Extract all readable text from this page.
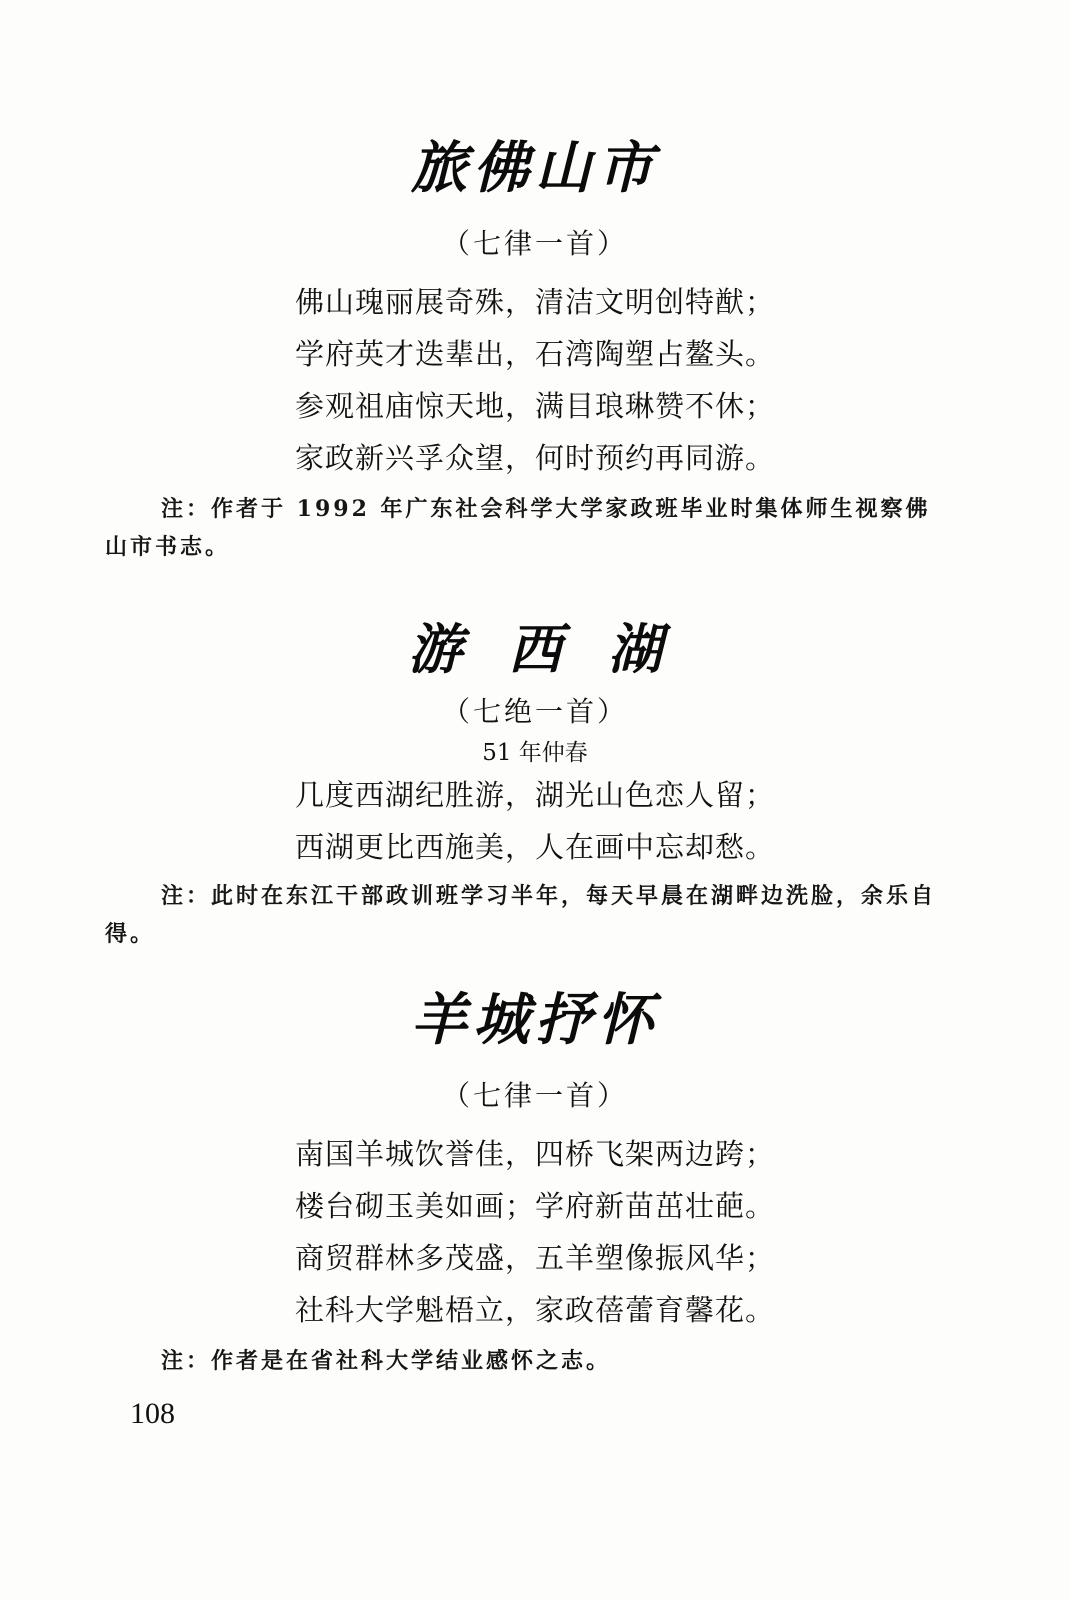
旅佛山市
（七律一首）
佛山瑰丽展奇殊，清洁文明创特猷；
学府英才迭辈出，石湾陶塑占鳌头。
参观祖庙惊天地，满目琅琳赞不休；
家政新兴孚众望，何时预约再同游。
注：作者于 1992 年广东社会科学大学家政班毕业时集体师生视察佛山市书志。
游西湖
（七绝一首）
51 年仲春
几度西湖纪胜游，湖光山色恋人留；
西湖更比西施美，人在画中忘却愁。
注：此时在东江干部政训班学习半年，每天早晨在湖畔边洗脸，余乐自得。
羊城抒怀
（七律一首）
南国羊城饮誉佳，四桥飞架两边跨；
楼台砌玉美如画；学府新苗茁壮葩。
商贸群林多茂盛，五羊塑像振风华；
社科大学魁梧立，家政蓓蕾育馨花。
注：作者是在省社科大学结业感怀之志。
108
